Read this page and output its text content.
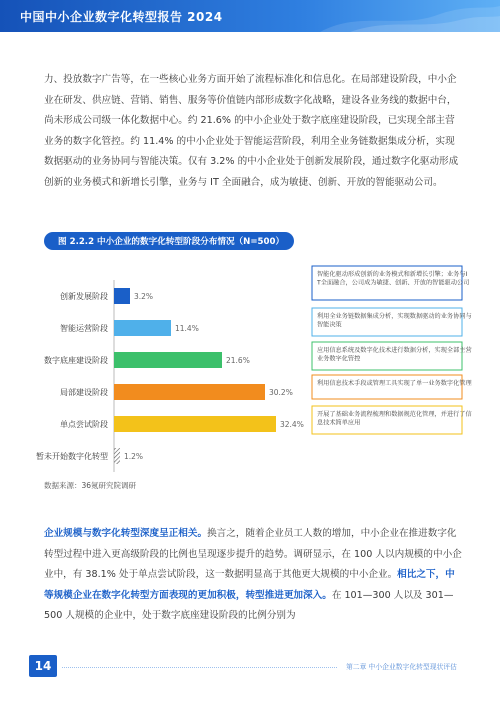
中国中小企业数字化转型报告 2024

力、投放数字广告等，在一些核心业务方面开始了流程标准化和信息化。在局部建设阶段，中小企业在研发、供应链、营销、销售、服务等价值链内部形成数字化战略，建设各业务线的数据中台，尚未形成公司级一体化数据中心。约 21.6% 的中小企业处于数字底座建设阶段，已实现全部主营业务的数字化管控。约 11.4% 的中小企业处于智能运营阶段，利用全业务链数据集成分析，实现数据驱动的业务协同与智能决策。仅有 3.2% 的中小企业处于创新发展阶段，通过数字化驱动形成创新的业务模式和新增长引擎，业务与 IT 全面融合，成为敏捷、创新、开放的智能驱动公司。

图 2.2.2 中小企业的数字化转型阶段分布情况（N=500）
创新发展阶段	3.2%
智能运营阶段	11.4%
数字底座建设阶段	21.6%
局部建设阶段	30.2%
单点尝试阶段	32.4%
暂未开始数字化转型 1.2%
智能化驱动形成创新的业务模式和新增长引擎；业务与I T全面融合，公司成为敏捷、创新、开放的智能驱动公司
利用全业务链数据集成分析，实现数据驱动的业务协同与智能决策
应用信息系统及数字化技术进行数据分析，实现全部主营业务数字化管控
利用信息技术手段或管理工具实现了单一业务数字化管理
开展了基础业务流程梳理和数据规范化管理，并进行了信息技术简单应用
数据来源：36氪研究院调研

企业规模与数字化转型深度呈正相关。换言之，随着企业员工人数的增加，中小企业在推进数字化转型过程中进入更高级阶段的比例也呈现逐步提升的趋势。调研显示，在 100 人以内规模的中小企业中，有 38.1% 处于单点尝试阶段，这一数据明显高于其他更大规模的中小企业。相比之下，中等规模企业在数字化转型方面表现的更加积极，转型推进更加深入。在 101—300 人以及 301—500 人规模的企业中，处于数字底座建设阶段的比例分别为

14	第二章 中小企业数字化转型现状评估
